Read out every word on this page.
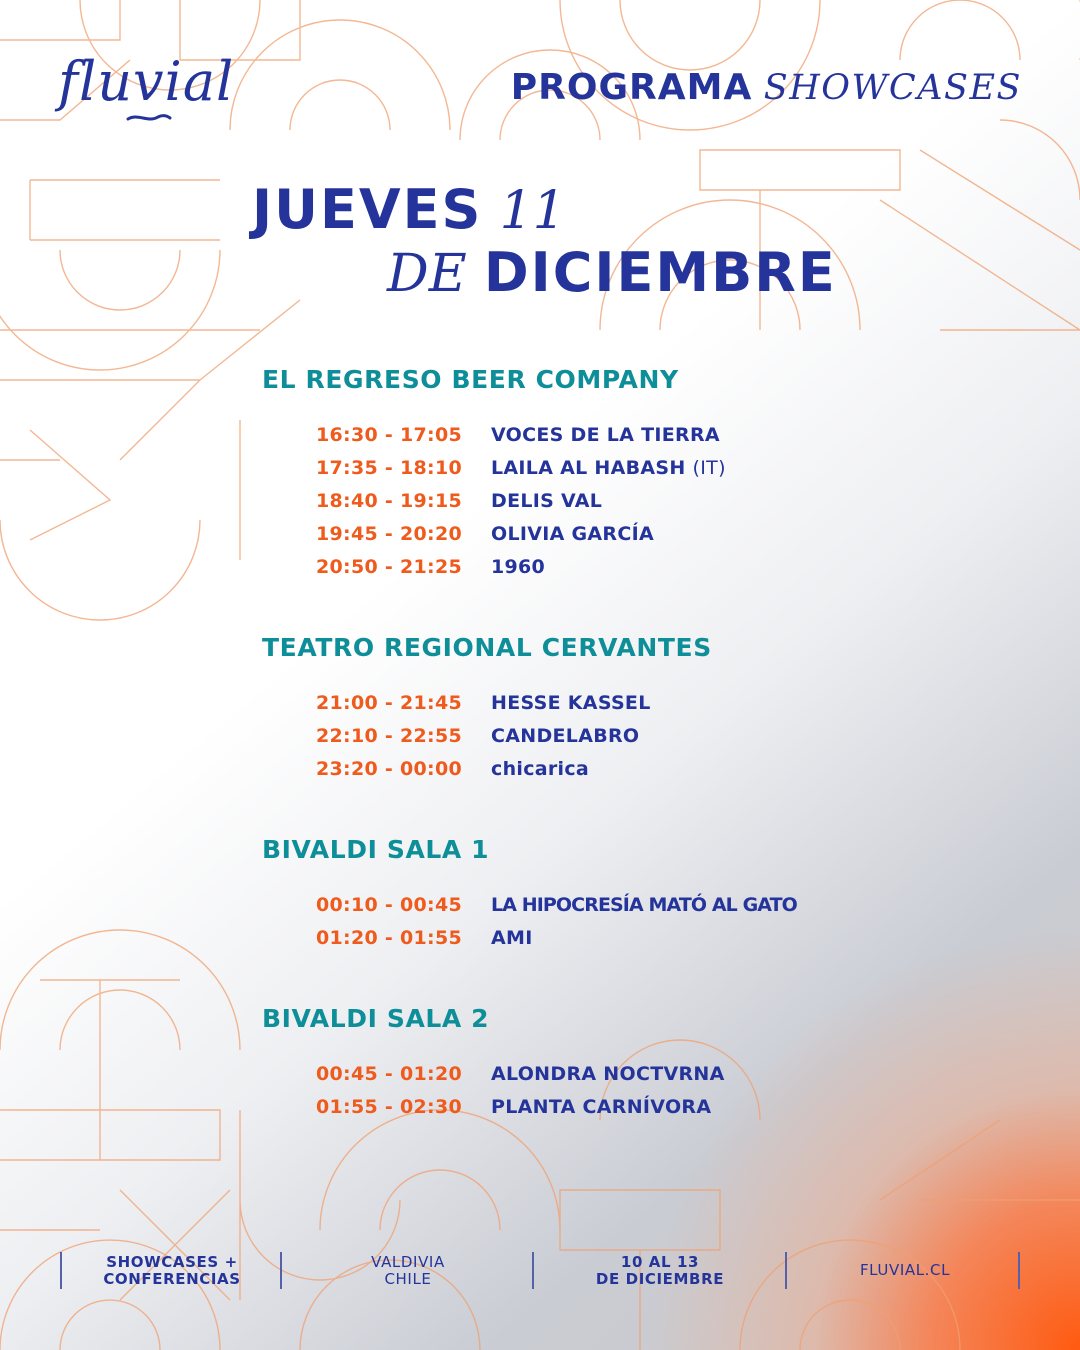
fluvial	PROGRAMA SHOWCASES
JUEVES 11
DE DICIEMBRE
EL REGRESO BEER COMPANY
16:30 - 17:05 VOCES DE LA TIERRA
17:35 - 18:10 LAILA AL HABASH (IT)
18:40 - 19:15 DELIS VAL
19:45 - 20:20 OLIVIA GARCÍA
20:50 - 21:25 1960
TEATRO REGIONAL CERVANTES
21:00 - 21:45 HESSE KASSEL
22:10 - 22:55 CANDELABRO
23:20 - 00:00 chicarica
BIVALDI SALA 1
00:10 - 00:45 LA HIPOCRESÍA MATÓ AL GATO
01:20 - 01:55 AMI
BIVALDI SALA 2
00:45 - 01:20 ALONDRA NOCTVRNA
01:55 - 02:30 PLANTA CARNÍVORA
SHOWCASES +
CONFERENCIAS
VALDIVIA
CHILE
10 AL 13
DE DICIEMBRE	FLUVIAL.CL
